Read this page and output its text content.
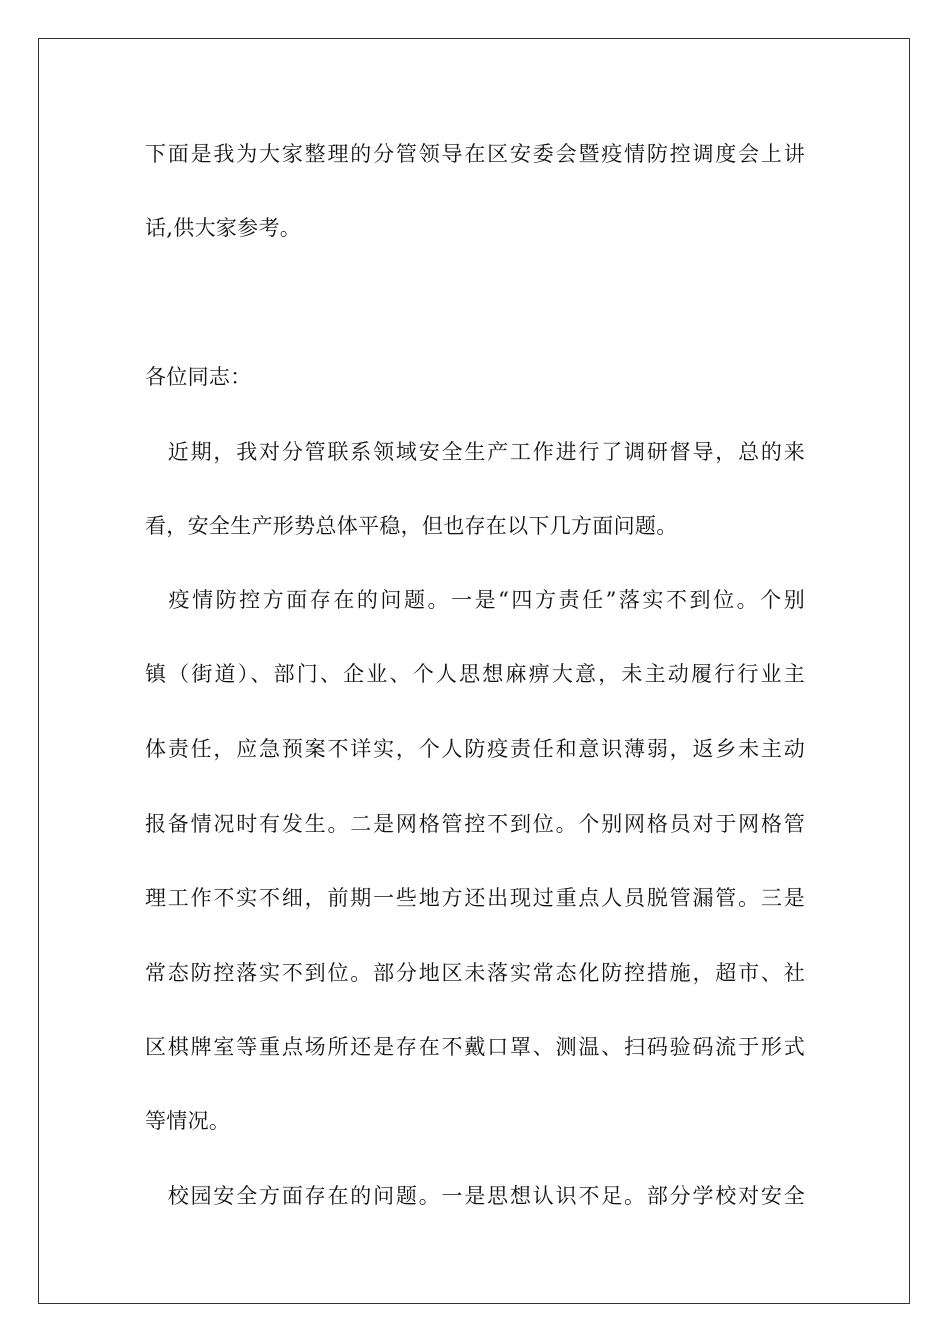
下面是我为大家整理的分管领导在区安委会暨疫情防控调度会上讲
话,供大家参考。
各位同志：
　近期，我对分管联系领域安全生产工作进行了调研督导，总的来
看，安全生产形势总体平稳，但也存在以下几方面问题。
　疫情防控方面存在的问题。一是“四方责任”落实不到位。个别
镇（街道）、部门、企业、个人思想麻痹大意，未主动履行行业主
体责任，应急预案不详实，个人防疫责任和意识薄弱，返乡未主动
报备情况时有发生。二是网格管控不到位。个别网格员对于网格管
理工作不实不细，前期一些地方还出现过重点人员脱管漏管。三是
常态防控落实不到位。部分地区未落实常态化防控措施，超市、社
区棋牌室等重点场所还是存在不戴口罩、测温、扫码验码流于形式
等情况。
　校园安全方面存在的问题。一是思想认识不足。部分学校对安全
